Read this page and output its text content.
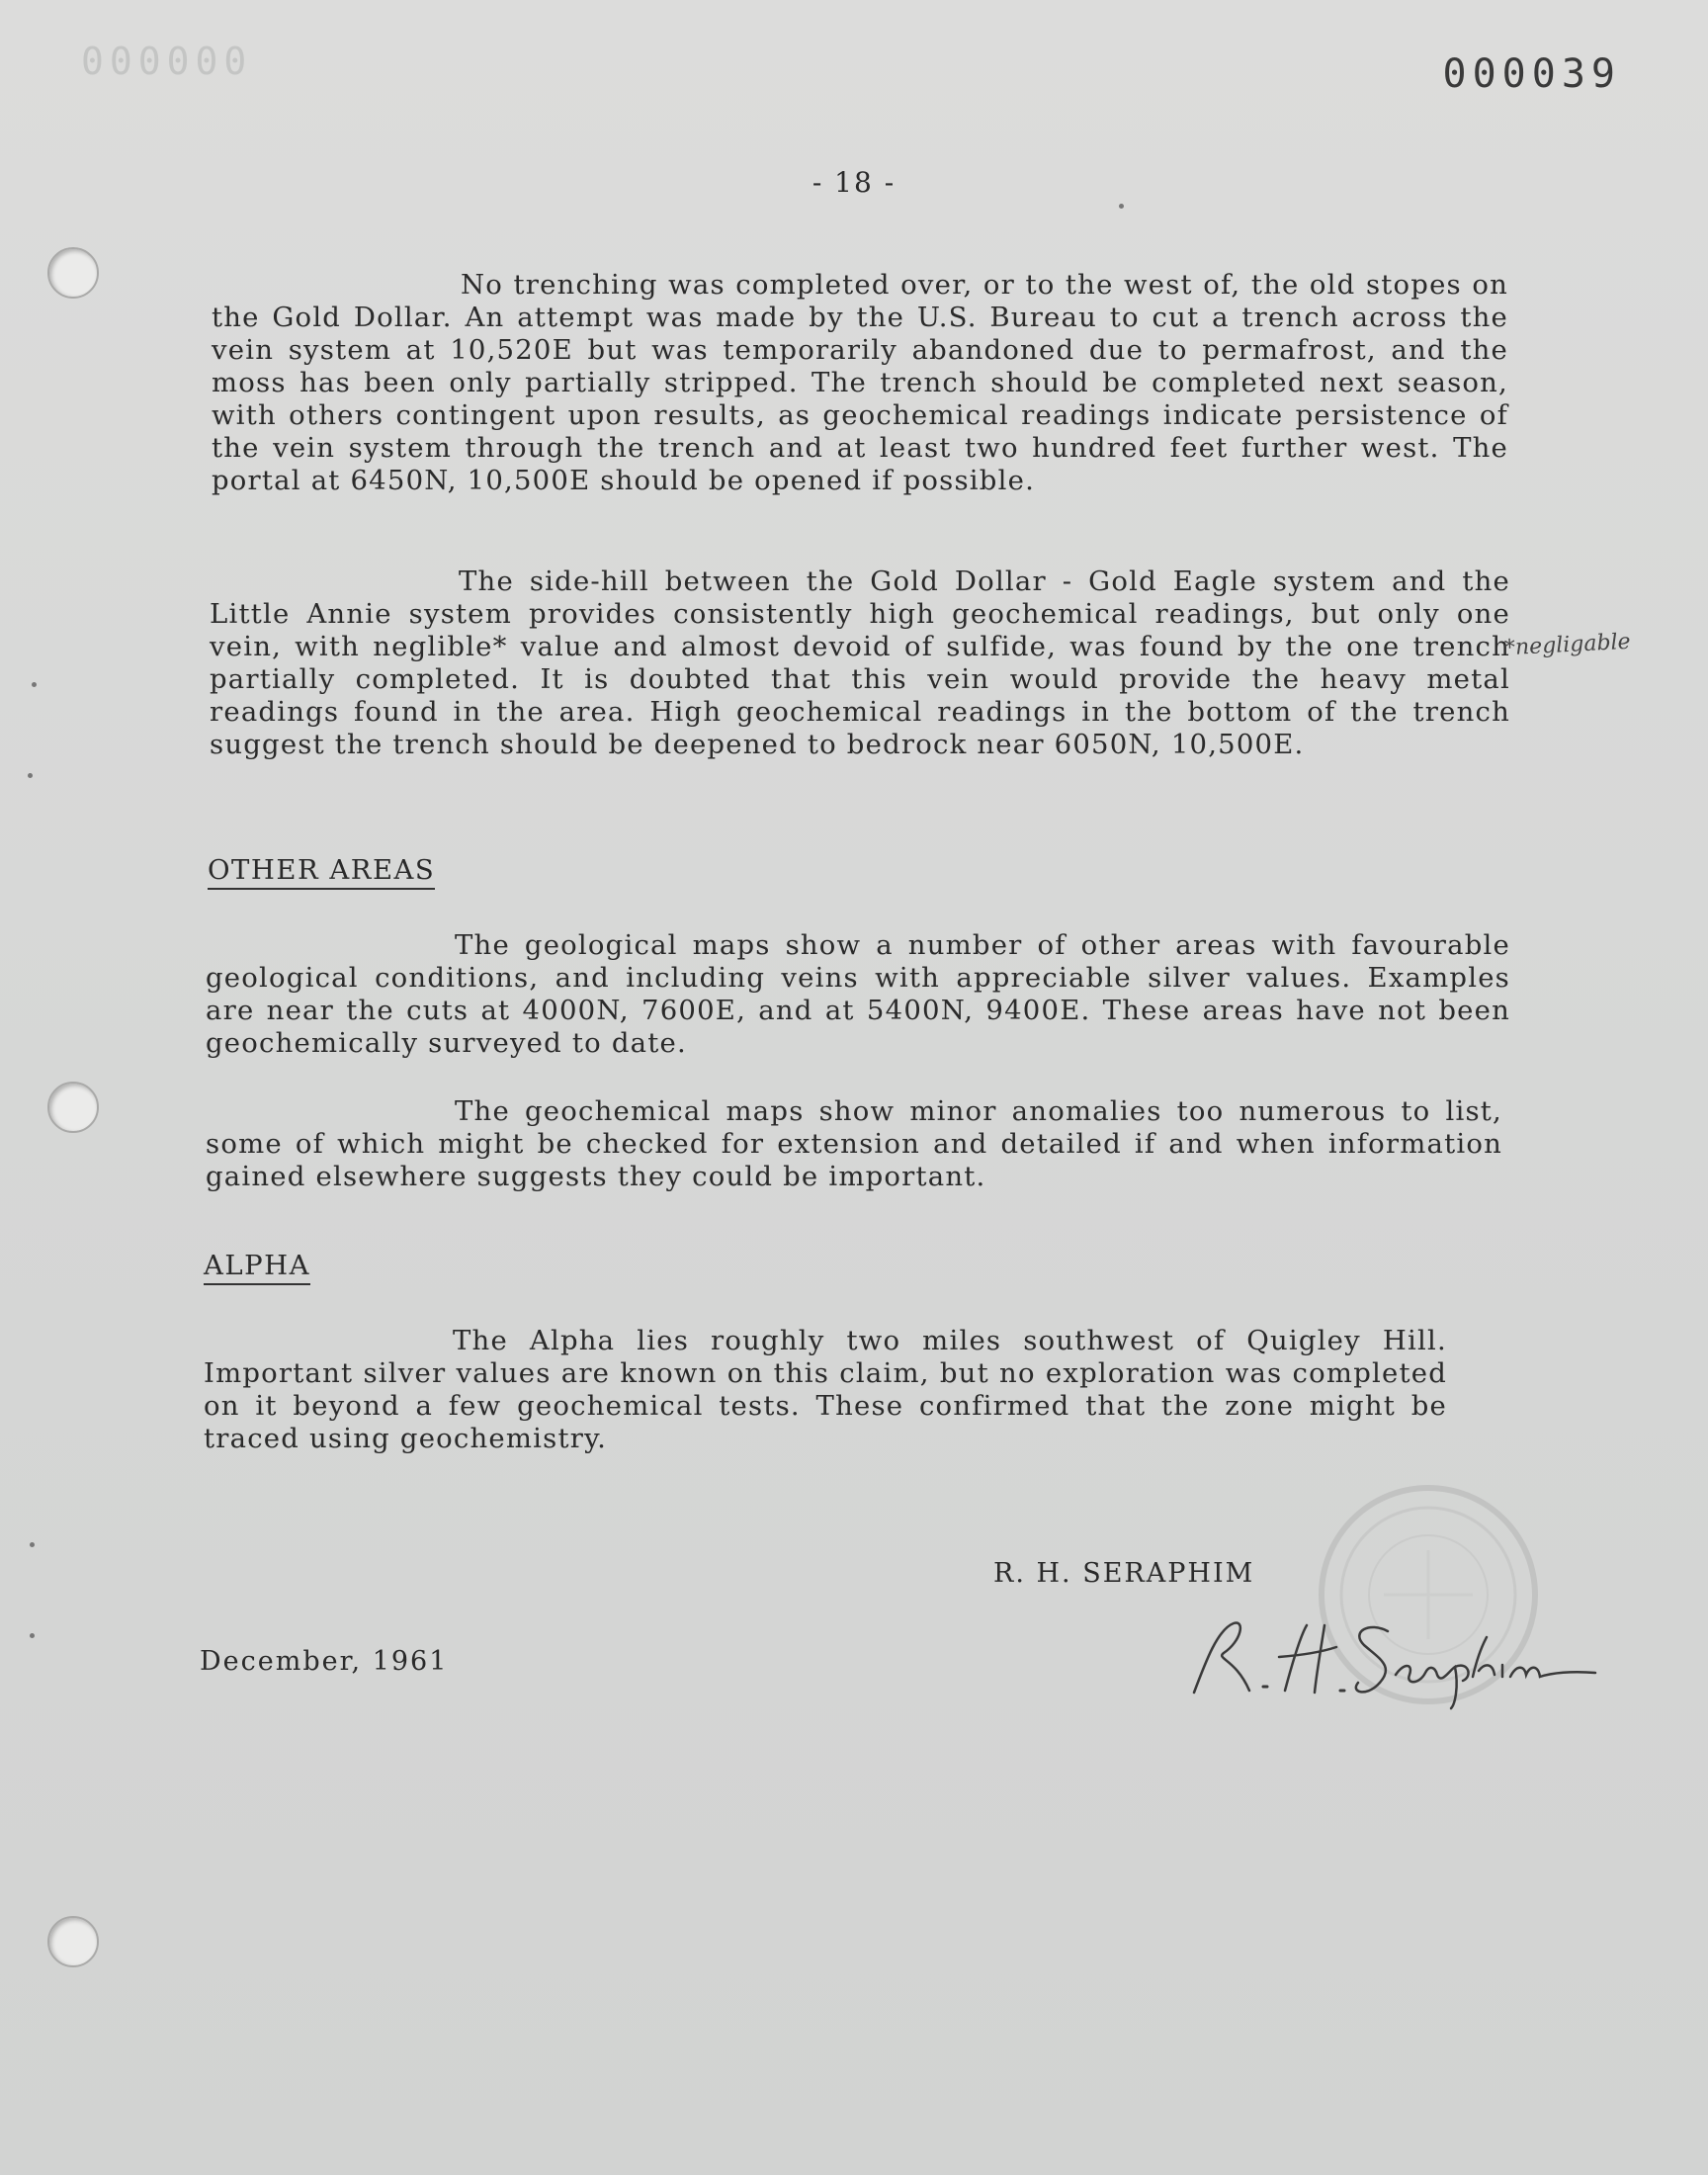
000000	000039
- 18 -

No trenching was completed over, or to the west of, the old stopes on the Gold Dollar. An attempt was made by the U.S. Bureau to cut a trench across the vein system at 10,520E but was temporarily abandoned due to permafrost, and the moss has been only partially stripped. The trench should be completed next season, with others contingent upon results, as geochemical readings indicate persistence of the vein system through the trench and at least two hundred feet further west. The portal at 6450N, 10,500E should be opened if possible.

The side-hill between the Gold Dollar - Gold Eagle system and the Little Annie system provides consistently high geochemical readings, but only one vein, with neglible* value and almost devoid of sulfide, was found by the one trench partially completed. It is doubted that this vein would provide the heavy metal readings found in the area. High geochemical readings in the bottom of the trench suggest the trench should be deepened to bedrock near 6050N, 10,500E.

*negligable
OTHER AREAS

The geological maps show a number of other areas with favourable geological conditions, and including veins with appreciable silver values. Examples are near the cuts at 4000N, 7600E, and at 5400N, 9400E. These areas have not been geochemically surveyed to date.

The geochemical maps show minor anomalies too numerous to list, some of which might be checked for extension and detailed if and when information gained elsewhere suggests they could be important.

ALPHA

The Alpha lies roughly two miles southwest of Quigley Hill. Important silver values are known on this claim, but no exploration was completed on it beyond a few geochemical tests. These confirmed that the zone might be traced using geochemistry.

R. H. SERAPHIM
December, 1961
